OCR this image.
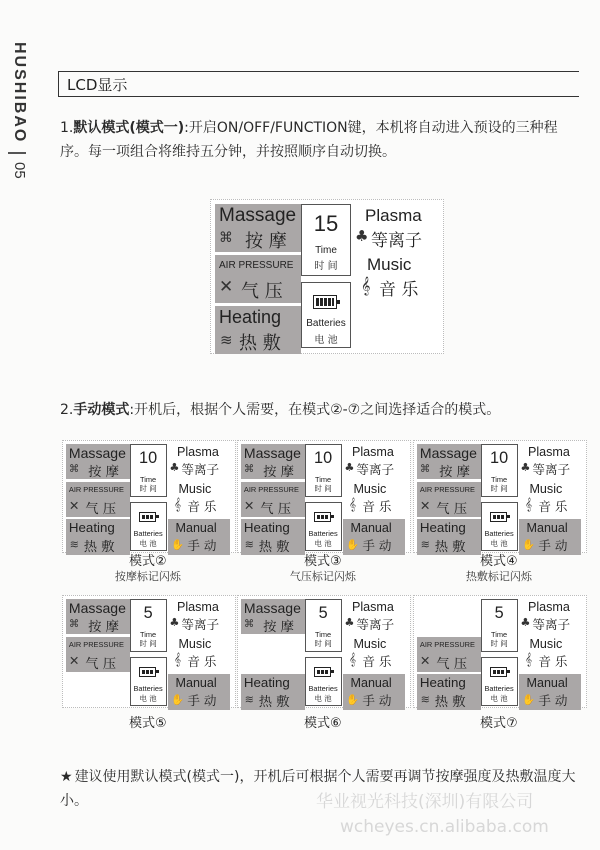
HUSHIBAO
05
LCD显示
1.默认模式(模式一):开启ON/OFF/FUNCTION键，本机将自动进入预设的三种程序。每一项组合将维持五分钟，并按照顺序自动切换。
Massage
⌘ 按 摩
AIR PRESSURE
✕ 气 压
Heating
≋ 热 敷
15
Time
时 间
Batteries
电 池
Plasma
♣ 等离子
Music
𝄞 音 乐
2.手动模式:开机后，根据个人需要，在模式②-⑦之间选择适合的模式。
Massage
⌘ 按 摩
AIR PRESSURE
✕ 气 压
Heating
≋ 热 敷
10
Time
时 间
Batteries
电 池
Plasma
♣ 等离子
Music
𝄞 音 乐
Manual
✋ 手 动
模式②
按摩标记闪烁
Massage
⌘ 按 摩
AIR PRESSURE
✕ 气 压
Heating
≋ 热 敷
10
Time
时 间
Batteries
电 池
Plasma
♣ 等离子
Music
𝄞 音 乐
Manual
✋ 手 动
模式③
气压标记闪烁
Massage
⌘ 按 摩
AIR PRESSURE
✕ 气 压
Heating
≋ 热 敷
10
Time
时 间
Batteries
电 池
Plasma
♣ 等离子
Music
𝄞 音 乐
Manual
✋ 手 动
模式④
热敷标记闪烁
Massage
⌘ 按 摩
AIR PRESSURE
✕ 气 压
5
Time
时 间
Batteries
电 池
Plasma
♣ 等离子
Music
𝄞 音 乐
Manual
✋ 手 动
模式⑤
Massage
⌘ 按 摩
Heating
≋ 热 敷
5
Time
时 间
Batteries
电 池
Plasma
♣ 等离子
Music
𝄞 音 乐
Manual
✋ 手 动
模式⑥
AIR PRESSURE
✕ 气 压
Heating
≋ 热 敷
5
Time
时 间
Batteries
电 池
Plasma
♣ 等离子
Music
𝄞 音 乐
Manual
✋ 手 动
模式⑦
★ 建议使用默认模式(模式一)，开机后可根据个人需要再调节按摩强度及热敷温度大小。	华业视光科技(深圳)有限公司
wcheyes.cn.alibaba.com
